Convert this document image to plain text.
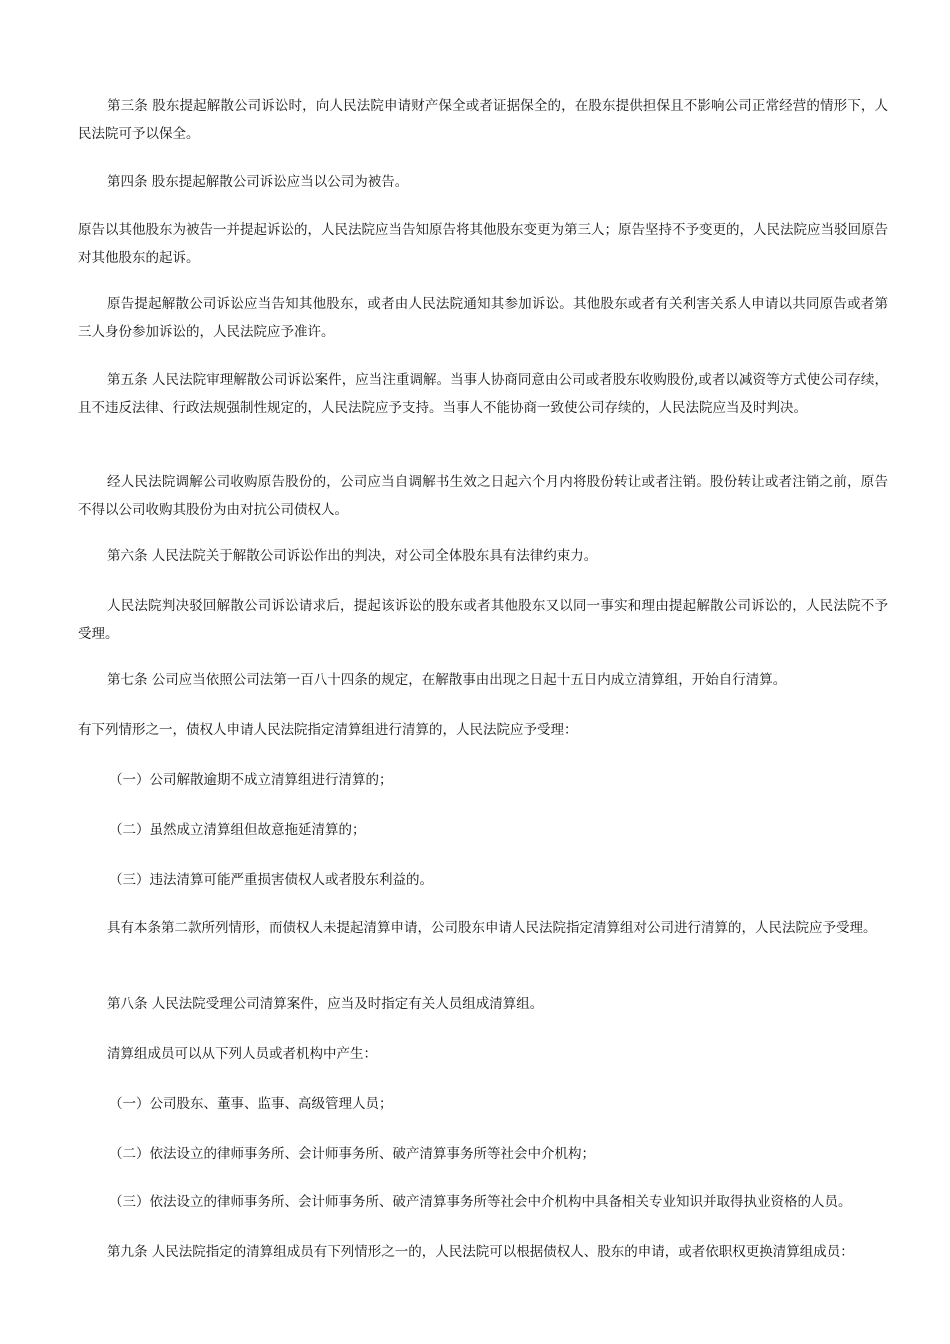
第三条 股东提起解散公司诉讼时，向人民法院申请财产保全或者证据保全的，在股东提供担保且不影响公司正常经营的情形下，人民法院可予以保全。

第四条 股东提起解散公司诉讼应当以公司为被告。

原告以其他股东为被告一并提起诉讼的，人民法院应当告知原告将其他股东变更为第三人；原告坚持不予变更的，人民法院应当驳回原告对其他股东的起诉。

原告提起解散公司诉讼应当告知其他股东，或者由人民法院通知其参加诉讼。其他股东或者有关利害关系人申请以共同原告或者第三人身份参加诉讼的，人民法院应予准许。

第五条 人民法院审理解散公司诉讼案件，应当注重调解。当事人协商同意由公司或者股东收购股份,或者以减资等方式使公司存续，且不违反法律、行政法规强制性规定的，人民法院应予支持。当事人不能协商一致使公司存续的，人民法院应当及时判决。

经人民法院调解公司收购原告股份的，公司应当自调解书生效之日起六个月内将股份转让或者注销。股份转让或者注销之前，原告不得以公司收购其股份为由对抗公司债权人。

第六条 人民法院关于解散公司诉讼作出的判决，对公司全体股东具有法律约束力。

人民法院判决驳回解散公司诉讼请求后，提起该诉讼的股东或者其他股东又以同一事实和理由提起解散公司诉讼的，人民法院不予受理。

第七条 公司应当依照公司法第一百八十四条的规定，在解散事由出现之日起十五日内成立清算组，开始自行清算。

有下列情形之一，债权人申请人民法院指定清算组进行清算的，人民法院应予受理：

（一）公司解散逾期不成立清算组进行清算的；

（二）虽然成立清算组但故意拖延清算的；

（三）违法清算可能严重损害债权人或者股东利益的。

具有本条第二款所列情形，而债权人未提起清算申请，公司股东申请人民法院指定清算组对公司进行清算的，人民法院应予受理。

第八条 人民法院受理公司清算案件，应当及时指定有关人员组成清算组。

清算组成员可以从下列人员或者机构中产生：

（一）公司股东、董事、监事、高级管理人员；

（二）依法设立的律师事务所、会计师事务所、破产清算事务所等社会中介机构；

（三）依法设立的律师事务所、会计师事务所、破产清算事务所等社会中介机构中具备相关专业知识并取得执业资格的人员。

第九条 人民法院指定的清算组成员有下列情形之一的，人民法院可以根据债权人、股东的申请，或者依职权更换清算组成员：
